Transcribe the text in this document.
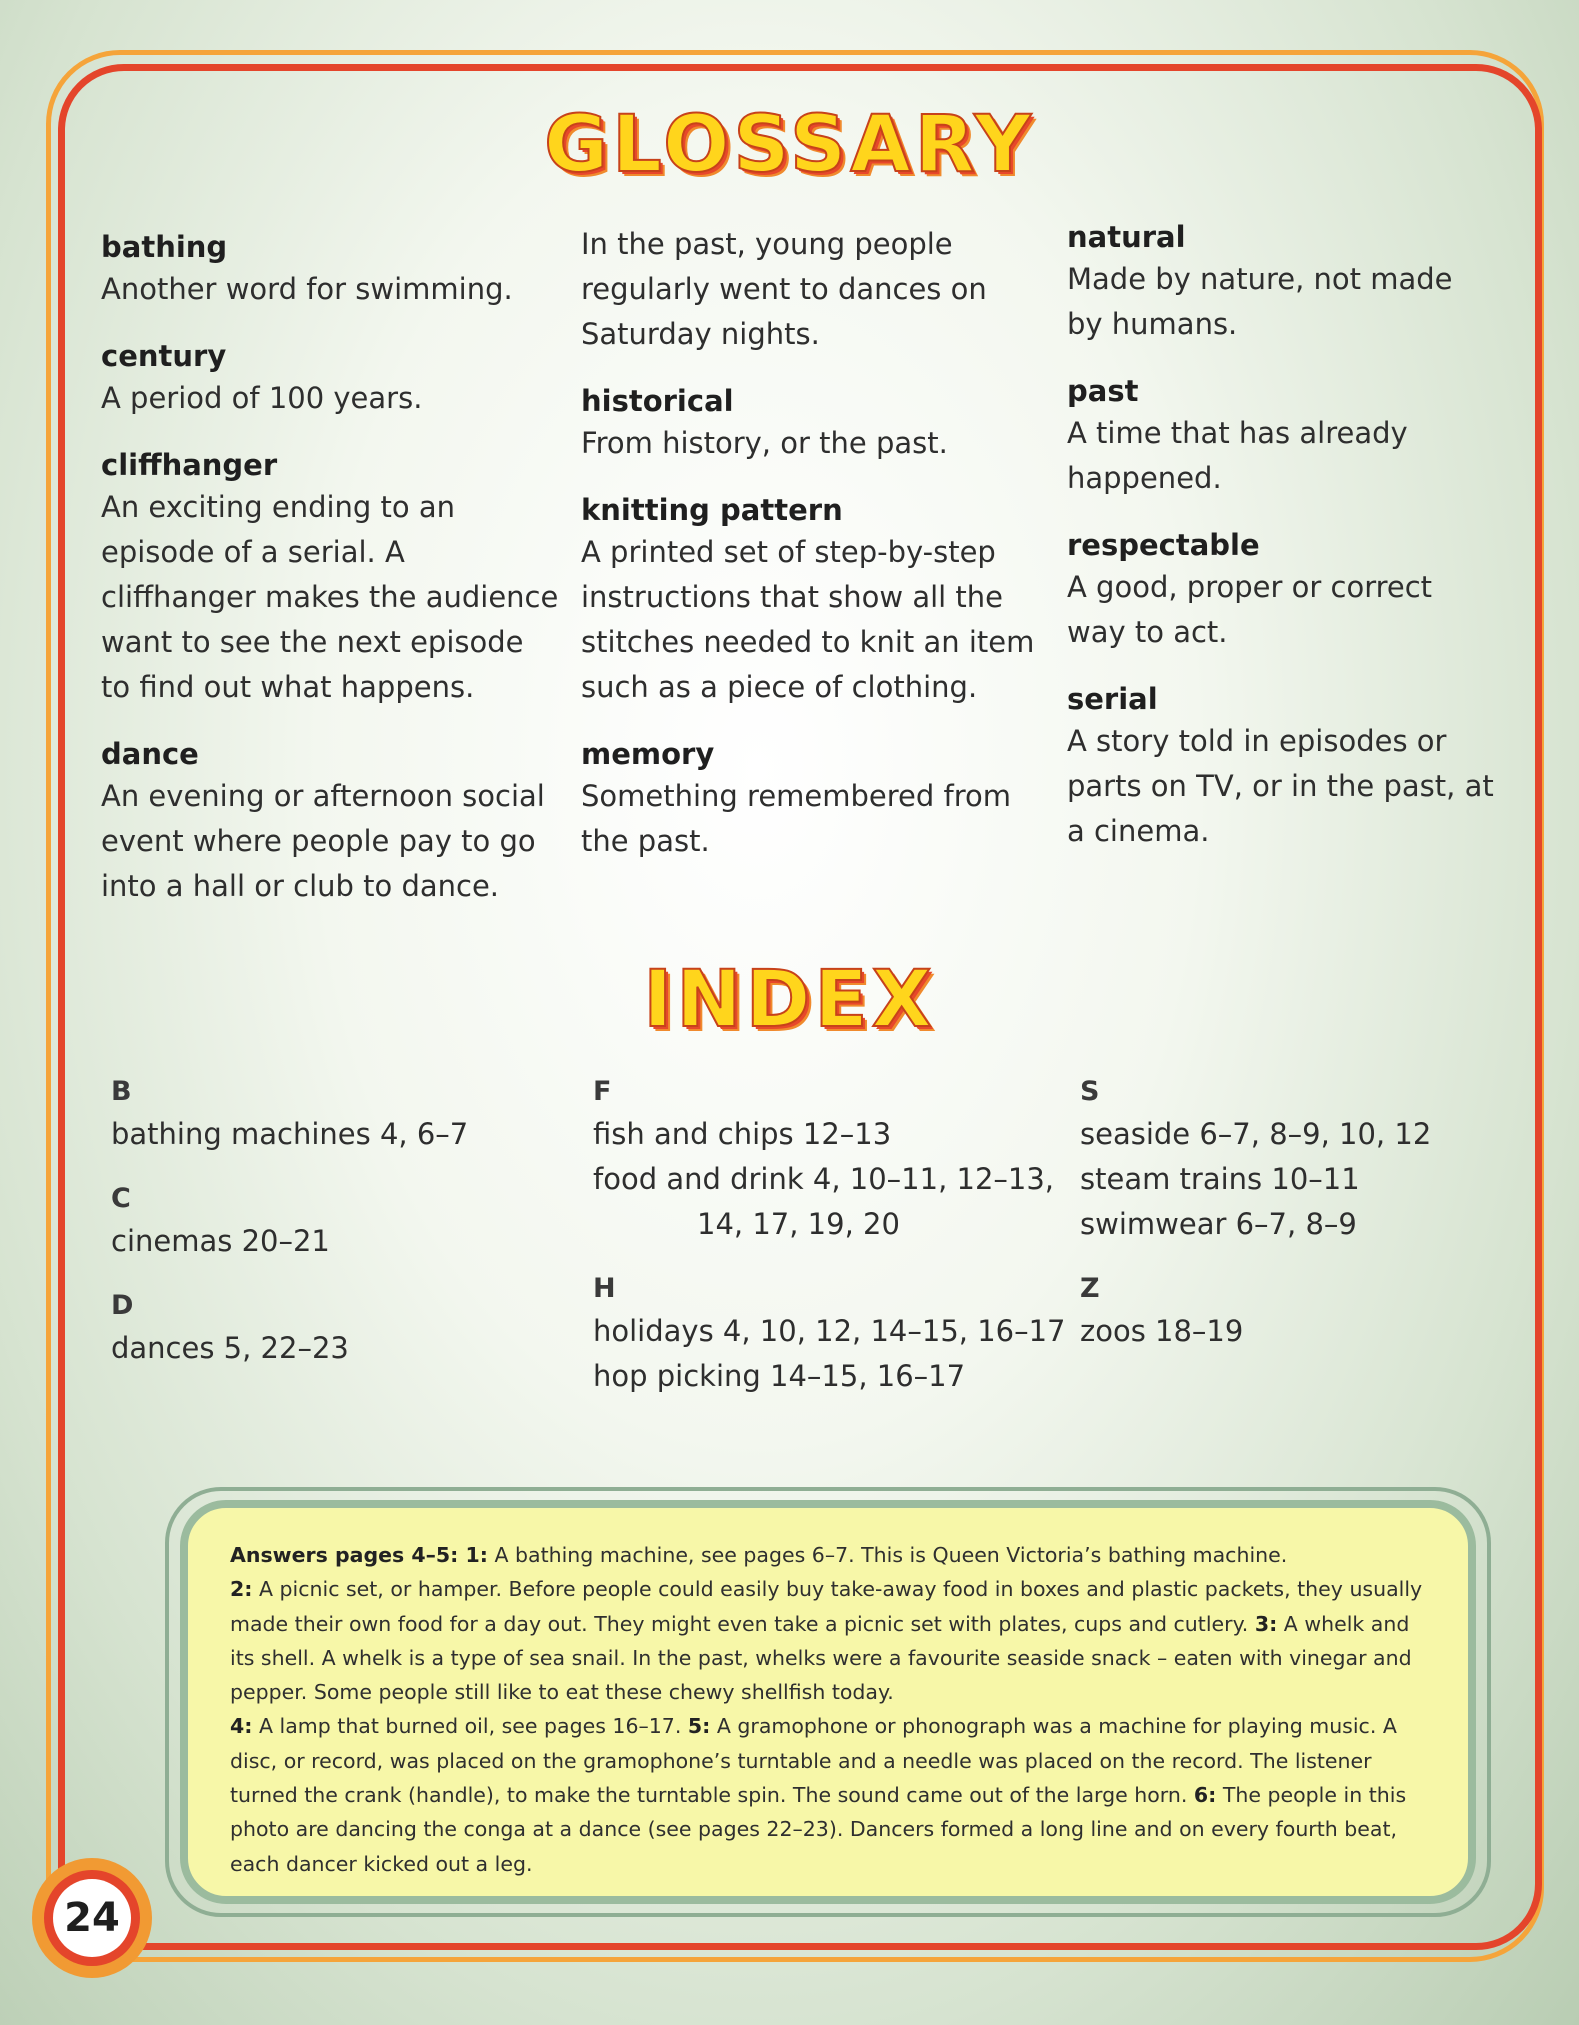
GLOSSARY
bathing
Another word for swimming.
century
A period of 100 years.
cliffhanger
An exciting ending to an episode of a serial. A cliffhanger makes the audience want to see the next episode to find out what happens.
dance
An evening or afternoon social event where people pay to go into a hall or club to dance.
In the past, young people regularly went to dances on Saturday nights.
historical
From history, or the past.
knitting pattern
A printed set of step-by-step instructions that show all the stitches needed to knit an item such as a piece of clothing.
memory
Something remembered from the past.
natural
Made by nature, not made by humans.
past
A time that has already happened.
respectable
A good, proper or correct way to act.
serial
A story told in episodes or parts on TV, or in the past, at a cinema.
INDEX
B
bathing machines 4, 6–7
C
cinemas 20–21
D
dances 5, 22–23
F
fish and chips 12–13
food and drink 4, 10–11, 12–13,
14, 17, 19, 20
H
holidays 4, 10, 12, 14–15, 16–17
hop picking 14–15, 16–17
S
seaside 6–7, 8–9, 10, 12
steam trains 10–11
swimwear 6–7, 8–9
Z
zoos 18–19

Answers pages 4–5: 1: A bathing machine, see pages 6–7. This is Queen Victoria’s bathing machine.

2: A picnic set, or hamper. Before people could easily buy take-away food in boxes and plastic packets, they usually made their own food for a day out. They might even take a picnic set with plates, cups and cutlery. 3: A whelk and its shell. A whelk is a type of sea snail. In the past, whelks were a favourite seaside snack – eaten with vinegar and pepper. Some people still like to eat these chewy shellfish today.

4: A lamp that burned oil, see pages 16–17. 5: A gramophone or phonograph was a machine for playing music. A disc, or record, was placed on the gramophone’s turntable and a needle was placed on the record. The listener turned the crank (handle), to make the turntable spin. The sound came out of the large horn. 6: The people in this photo are dancing the conga at a dance (see pages 22–23). Dancers formed a long line and on every fourth beat, each dancer kicked out a leg.

24
